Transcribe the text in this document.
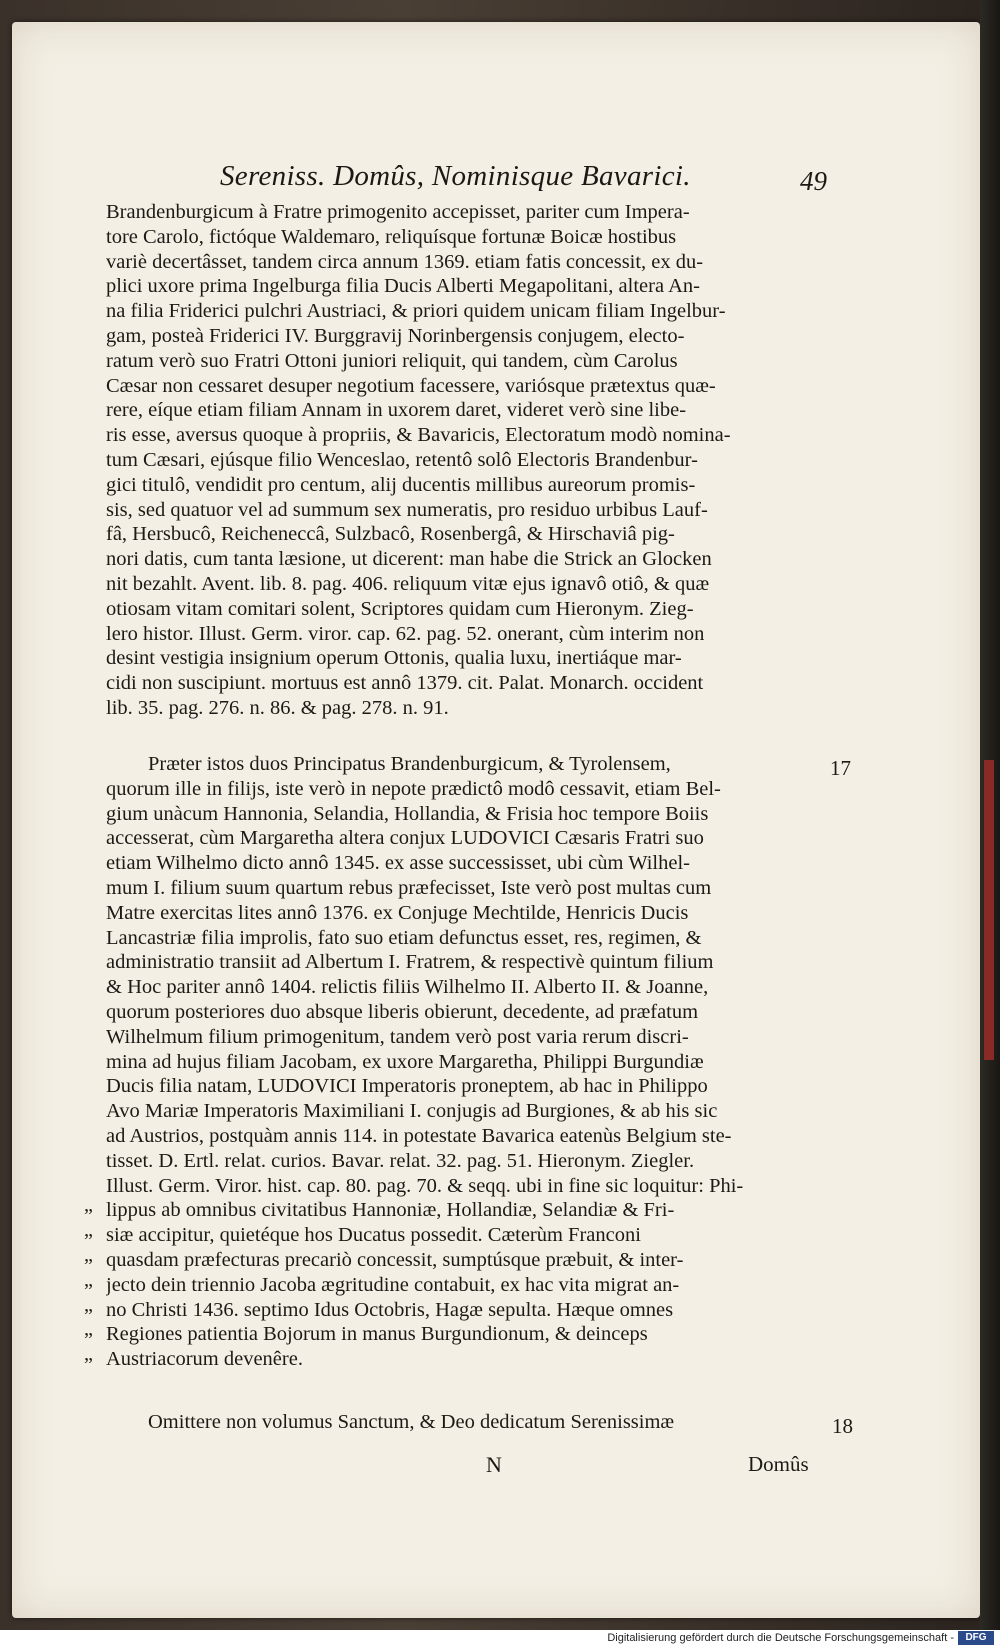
Sereniss. Domûs, Nominisque Bavarici.	49
Brandenburgicum à Fratre primogenito accepisset, pariter cum Impera-
tore Carolo, fictóque Waldemaro, reliquísque fortunæ Boicæ hostibus
variè decertâsset, tandem circa annum 1369. etiam fatis concessit, ex du-
plici uxore prima Ingelburga filia Ducis Alberti Megapolitani, altera An-
na filia Friderici pulchri Austriaci, & priori quidem unicam filiam Ingelbur-
gam, posteà Friderici IV. Burggravij Norinbergensis conjugem, electo-
ratum verò suo Fratri Ottoni juniori reliquit, qui tandem, cùm Carolus
Cæsar non cessaret desuper negotium facessere, variósque prætextus quæ-
rere, eíque etiam filiam Annam in uxorem daret, videret verò sine libe-
ris esse, aversus quoque à propriis, & Bavaricis, Electoratum modò nomina-
tum Cæsari, ejúsque filio Wenceslao, retentô solô Electoris Brandenbur-
gici titulô, vendidit pro centum, alij ducentis millibus aureorum promis-
sis, sed quatuor vel ad summum sex numeratis, pro residuo urbibus Lauf-
fâ, Hersbucô, Reicheneccâ, Sulzbacô, Rosenbergâ, & Hirschaviâ pig-
nori datis, cum tanta læsione, ut dicerent: man habe die Strick an Glocken
nit bezahlt. Avent. lib. 8. pag. 406. reliquum vitæ ejus ignavô otiô, & quæ
otiosam vitam comitari solent, Scriptores quidam cum Hieronym. Zieg-
lero histor. Illust. Germ. viror. cap. 62. pag. 52. onerant, cùm interim non
desint vestigia insignium operum Ottonis, qualia luxu, inertiáque mar-
cidi non suscipiunt. mortuus est annô 1379. cit. Palat. Monarch. occident
lib. 35. pag. 276. n. 86. & pag. 278. n. 91.
17
Præter istos duos Principatus Brandenburgicum, & Tyrolensem,
quorum ille in filijs, iste verò in nepote prædictô modô cessavit, etiam Bel-
gium unàcum Hannonia, Selandia, Hollandia, & Frisia hoc tempore Boiis
accesserat, cùm Margaretha altera conjux LUDOVICI Cæsaris Fratri suo
etiam Wilhelmo dicto annô 1345. ex asse successisset, ubi cùm Wilhel-
mum I. filium suum quartum rebus præfecisset, Iste verò post multas cum
Matre exercitas lites annô 1376. ex Conjuge Mechtilde, Henricis Ducis
Lancastriæ filia improlis, fato suo etiam defunctus esset, res, regimen, &
administratio transiit ad Albertum I. Fratrem, & respectivè quintum filium
& Hoc pariter annô 1404. relictis filiis Wilhelmo II. Alberto II. & Joanne,
quorum posteriores duo absque liberis obierunt, decedente, ad præfatum
Wilhelmum filium primogenitum, tandem verò post varia rerum discri-
mina ad hujus filiam Jacobam, ex uxore Margaretha, Philippi Burgundiæ
Ducis filia natam, LUDOVICI Imperatoris proneptem, ab hac in Philippo
Avo Mariæ Imperatoris Maximiliani I. conjugis ad Burgiones, & ab his sic
ad Austrios, postquàm annis 114. in potestate Bavarica eatenùs Belgium ste-
tisset. D. Ertl. relat. curios. Bavar. relat. 32. pag. 51. Hieronym. Ziegler.
Illust. Germ. Viror. hist. cap. 80. pag. 70. & seqq. ubi in fine sic loquitur: Phi-
lippus ab omnibus civitatibus Hannoniæ, Hollandiæ, Selandiæ & Fri-
siæ accipitur, quietéque hos Ducatus possedit. Cæterùm Franconi
quasdam præfecturas precariò concessit, sumptúsque præbuit, & inter-
jecto dein triennio Jacoba ægritudine contabuit, ex hac vita migrat an-
no Christi 1436. septimo Idus Octobris, Hagæ sepulta. Hæque omnes
Regiones patientia Bojorum in manus Burgundionum, & deinceps
Austriacorum devenêre.
Omittere non volumus Sanctum, & Deo dedicatum Serenissimæ	18
„
„
„
„
„
„
„
N	Domûs
Digitalisierung gefördert durch die Deutsche Forschungsgemeinschaft -	DFG
